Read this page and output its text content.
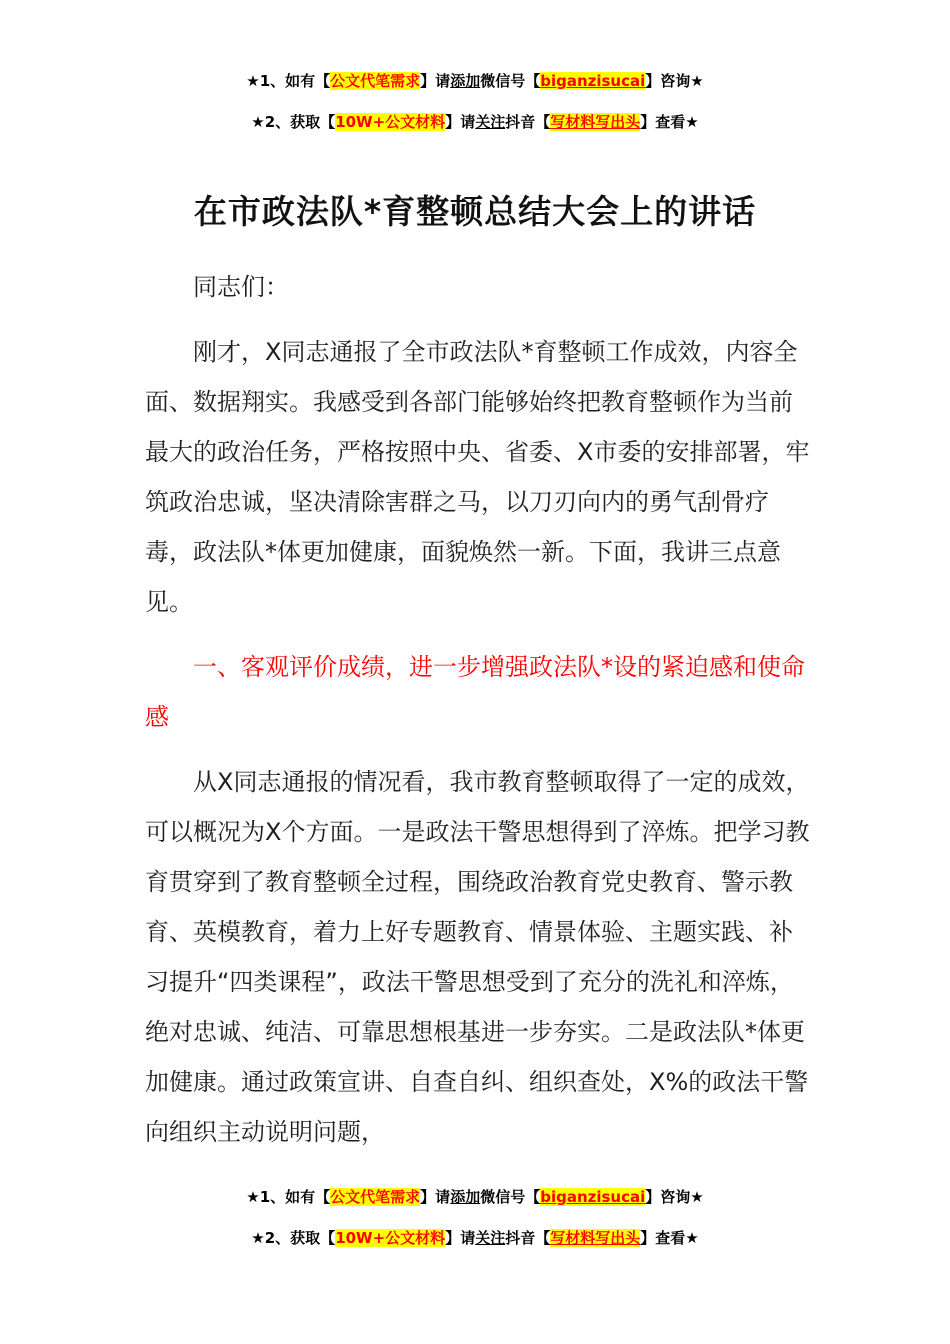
★1、如有【公文代笔需求】请添加微信号【biganzisucai】咨询★
★2、获取【10W+公文材料】请关注抖音【写材料写出头】查看★
在市政法队*育整顿总结大会上的讲话

同志们：

刚才，X同志通报了全市政法队*育整顿工作成效，内容全面、数据翔实。我感受到各部门能够始终把教育整顿作为当前最大的政治任务，严格按照中央、省委、X市委的安排部署，牢筑政治忠诚，坚决清除害群之马，以刀刃向内的勇气刮骨疗毒，政法队*体更加健康，面貌焕然一新。下面，我讲三点意见。

一、客观评价成绩，进一步增强政法队*设的紧迫感和使命感

从X同志通报的情况看，我市教育整顿取得了一定的成效，可以概况为X个方面。一是政法干警思想得到了淬炼。把学习教育贯穿到了教育整顿全过程，围绕政治教育党史教育、警示教育、英模教育，着力上好专题教育、情景体验、主题实践、补习提升“四类课程”，政法干警思想受到了充分的洗礼和淬炼，绝对忠诚、纯洁、可靠思想根基进一步夯实。二是政法队*体更加健康。通过政策宣讲、自查自纠、组织查处，X%的政法干警向组织主动说明问题，

★1、如有【公文代笔需求】请添加微信号【biganzisucai】咨询★
★2、获取【10W+公文材料】请关注抖音【写材料写出头】查看★
